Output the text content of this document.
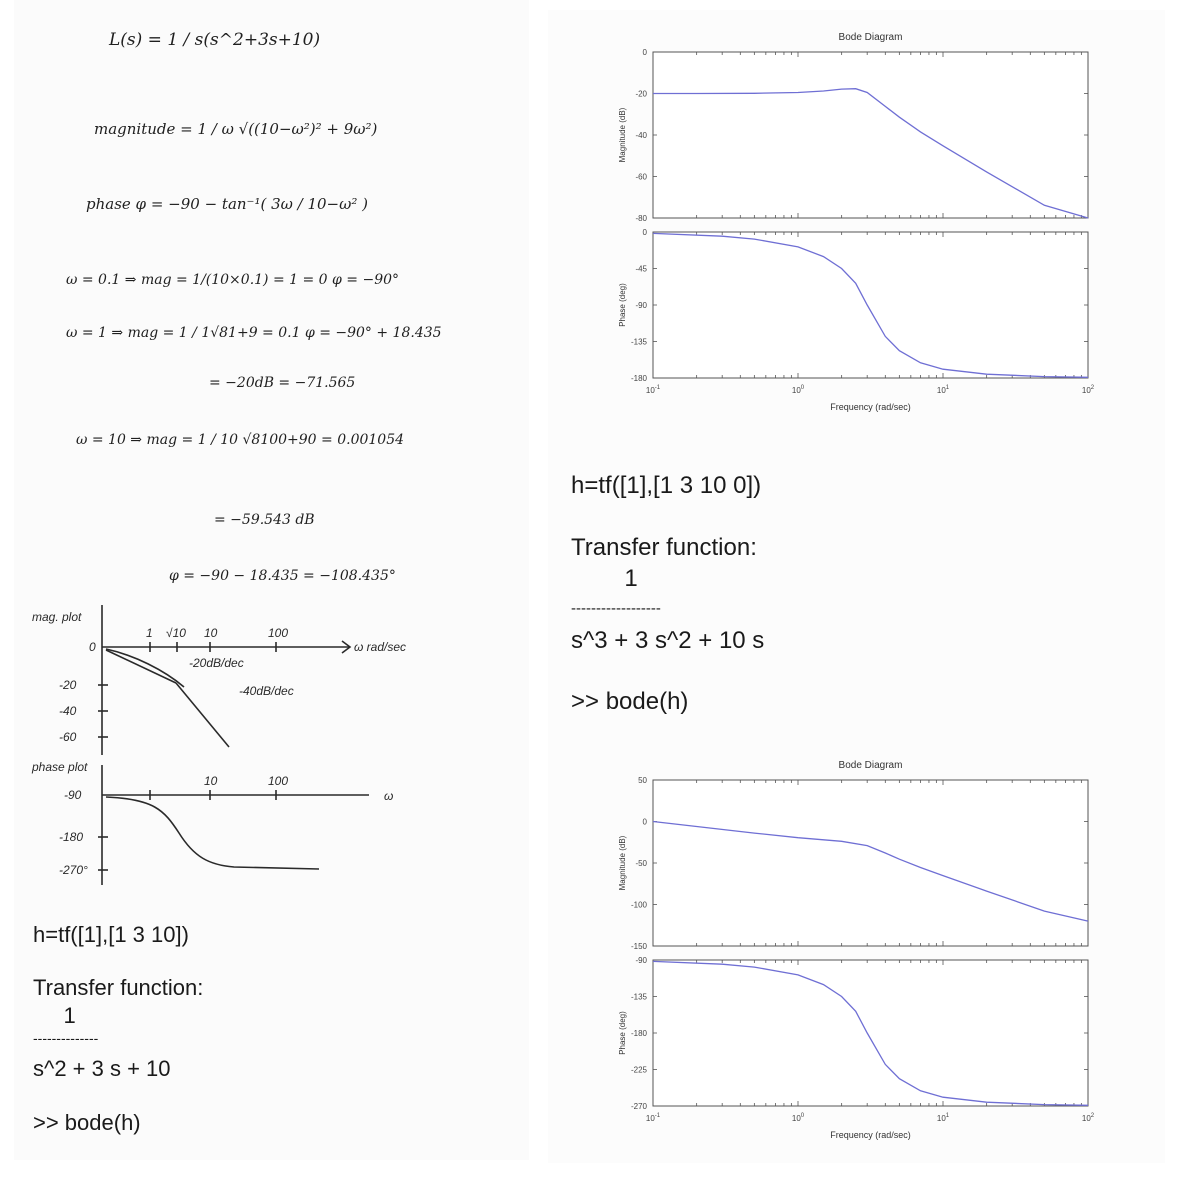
L(s) = 1 / s(s^2+3s+10)
magnitude = 1 / ω √((10−ω²)² + 9ω²)
phase φ = −90 − tan⁻¹( 3ω / 10−ω² )
ω = 0.1 ⇒ mag = 1/(10×0.1) = 1 = 0 φ = −90°
ω = 1 ⇒ mag = 1 / 1√81+9 = 0.1 φ = −90° + 18.435
= −20dB = −71.565
ω = 10 ⇒ mag = 1 / 10 √8100+90 = 0.001054
= −59.543 dB
φ = −90 − 18.435 = −108.435°
mag. plot
phase plot
1 √10 10	100
0
-20
-40
-60
ω rad/sec
-20dB/dec
-40dB/dec
10	100
-90
-180
-270°
ω
h=tf([1],[1 3 10])
Transfer function:
1
--------------
s^2 + 3 s + 10
>> bode(h)
Bode Diagram
0
-20
-40
-60
-80
Magnitude (dB)
0
-45
-90
-135
-180
Phase (deg)
$10^{-1}$	$10^0$	$10^1$	$10^2$
Frequency (rad/sec)
h=tf([1],[1 3 10 0])
Transfer function:
1
------------------
s^3 + 3 s^2 + 10 s
>> bode(h)
Bode Diagram
50
0
-50
-100
-150
Magnitude (dB)
-90
-135
-180
-225
-270
Phase (deg)
$10^{-1}$	$10^0$	$10^1$	$10^2$
Frequency (rad/sec)
